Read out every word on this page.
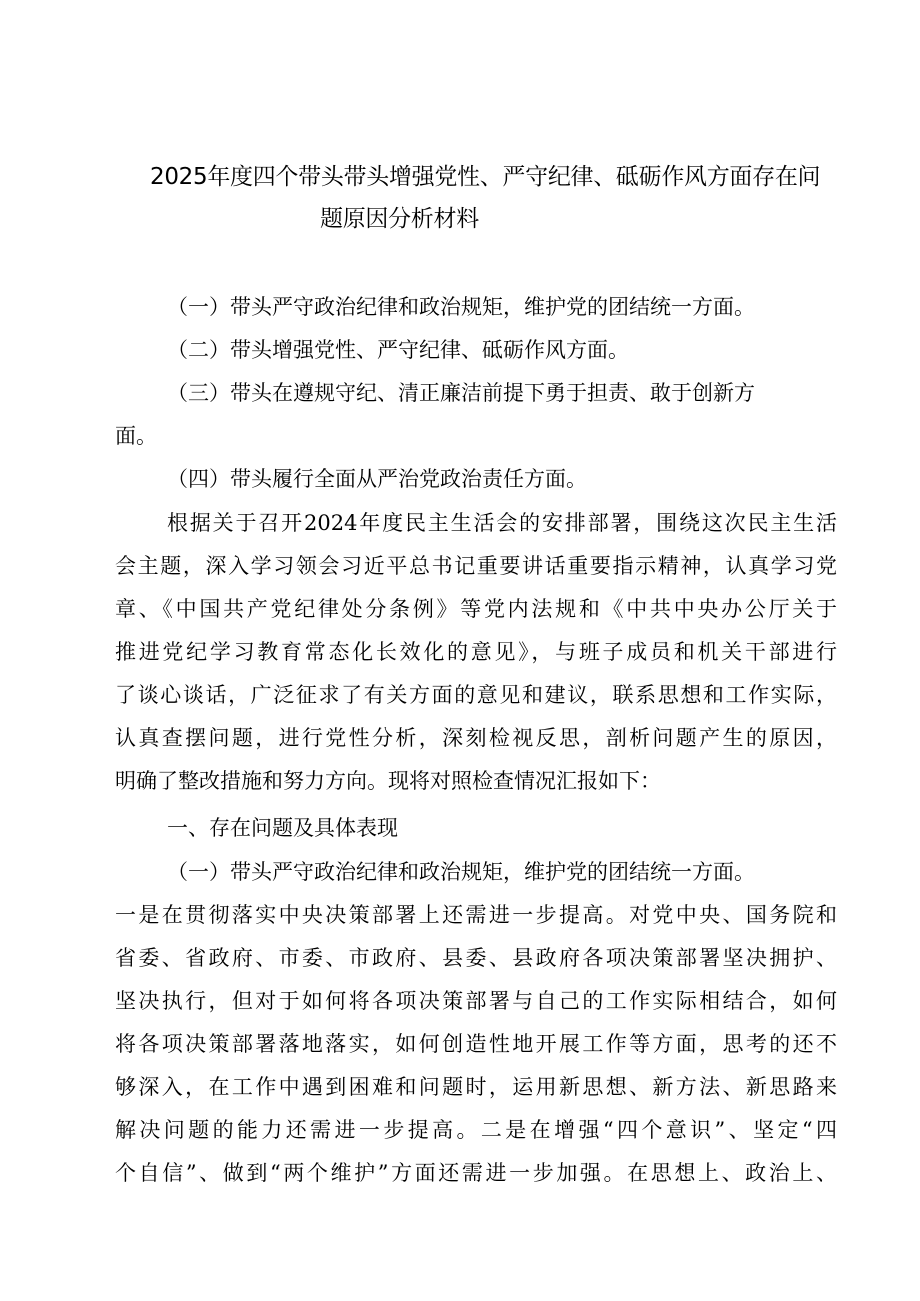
2025年度四个带头带头增强党性、严守纪律、砥砺作风方面存在问
题原因分析材料
（一）带头严守政治纪律和政治规矩，维护党的团结统一方面。
（二）带头增强党性、严守纪律、砥砺作风方面。
（三）带头在遵规守纪、清正廉洁前提下勇于担责、敢于创新方
面。
（四）带头履行全面从严治党政治责任方面。
根据关于召开2024年度民主生活会的安排部署，围绕这次民主生活
会主题，深入学习领会习近平总书记重要讲话重要指示精神，认真学习党
章、《中国共产党纪律处分条例》等党内法规和《中共中央办公厅关于
推进党纪学习教育常态化长效化的意见》，与班子成员和机关干部进行
了谈心谈话，广泛征求了有关方面的意见和建议，联系思想和工作实际，
认真查摆问题，进行党性分析，深刻检视反思，剖析问题产生的原因，
明确了整改措施和努力方向。现将对照检查情况汇报如下：
一、存在问题及具体表现
（一）带头严守政治纪律和政治规矩，维护党的团结统一方面。
一是在贯彻落实中央决策部署上还需进一步提高。对党中央、国务院和
省委、省政府、市委、市政府、县委、县政府各项决策部署坚决拥护、
坚决执行，但对于如何将各项决策部署与自己的工作实际相结合，如何
将各项决策部署落地落实，如何创造性地开展工作等方面，思考的还不
够深入，在工作中遇到困难和问题时，运用新思想、新方法、新思路来
解决问题的能力还需进一步提高。二是在增强“四个意识”、坚定“四
个自信”、做到“两个维护”方面还需进一步加强。在思想上、政治上、
